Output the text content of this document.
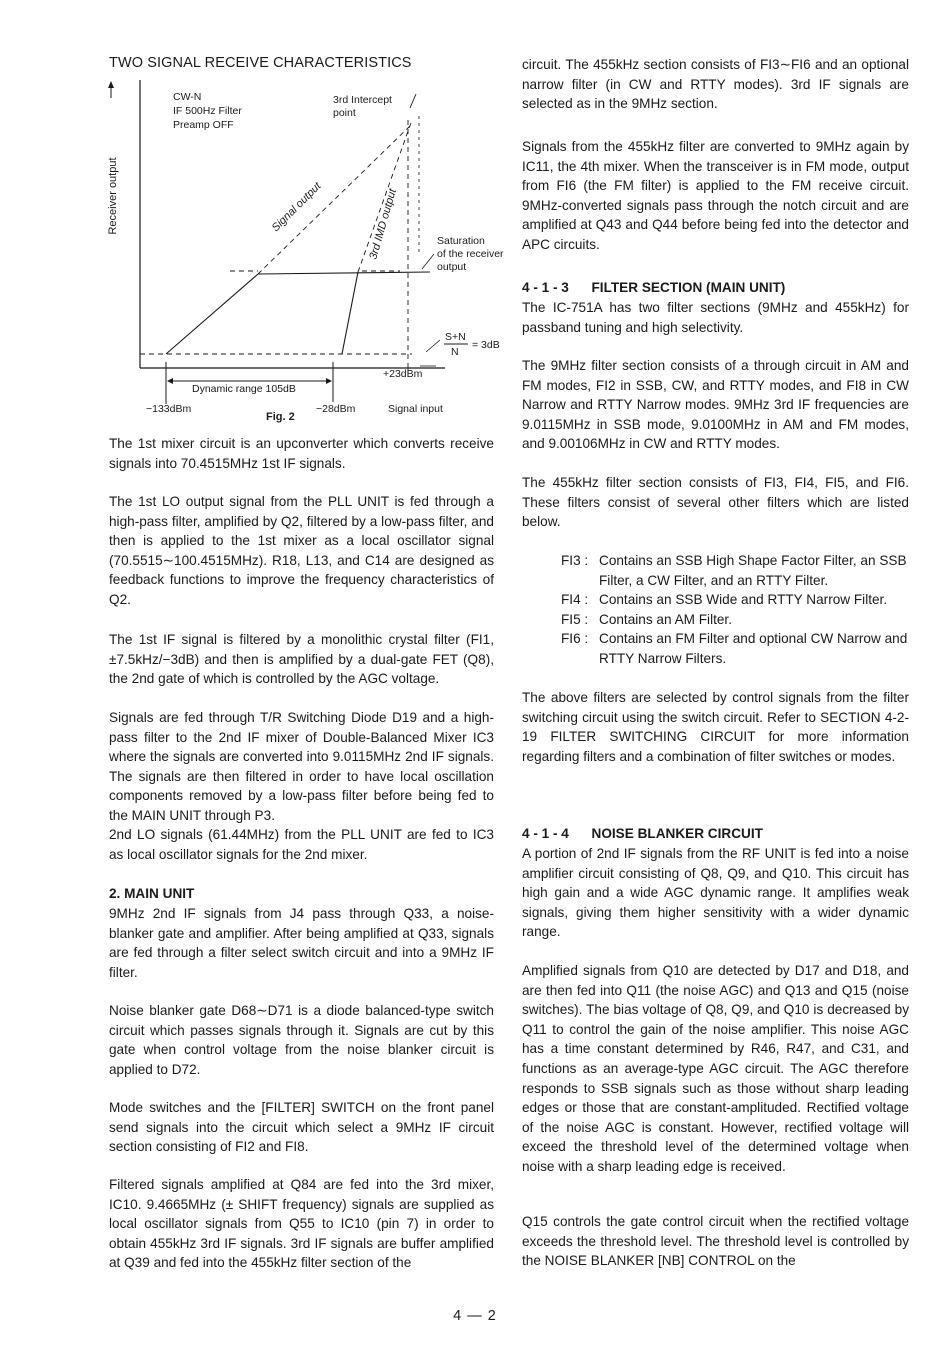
TWO SIGNAL RECEIVE CHARACTERISTICS
Receiver output
CW-N
IF 500Hz Filter
Preamp OFF
3rd Intercept
point
Signal output	3rd IMD output	Saturation
of the receiver
output
S+N
N
= 3dB
+23dBm
Dynamic range 105dB
−133dBm	−28dBm	Signal input
Fig. 2

The 1st mixer circuit is an upconverter which converts receive signals into 70.4515MHz 1st IF signals.

The 1st LO output signal from the PLL UNIT is fed through a high-pass filter, amplified by Q2, filtered by a low-pass filter, and then is applied to the 1st mixer as a local oscillator signal (70.5515∼100.4515MHz). R18, L13, and C14 are designed as feedback functions to improve the frequency characteristics of Q2.

The 1st IF signal is filtered by a monolithic crystal filter (FI1, ±7.5kHz/−3dB) and then is amplified by a dual-gate FET (Q8), the 2nd gate of which is controlled by the AGC voltage.

Signals are fed through T/R Switching Diode D19 and a high-pass filter to the 2nd IF mixer of Double-Balanced Mixer IC3 where the signals are converted into 9.0115MHz 2nd IF signals. The signals are then filtered in order to have local oscillation components removed by a low-pass filter before being fed to the MAIN UNIT through P3.

2nd LO signals (61.44MHz) from the PLL UNIT are fed to IC3 as local oscillator signals for the 2nd mixer.

2. MAIN UNIT

9MHz 2nd IF signals from J4 pass through Q33, a noise-blanker gate and amplifier. After being amplified at Q33, signals are fed through a filter select switch circuit and into a 9MHz IF filter.

Noise blanker gate D68∼D71 is a diode balanced-type switch circuit which passes signals through it. Signals are cut by this gate when control voltage from the noise blanker circuit is applied to D72.

Mode switches and the [FILTER] SWITCH on the front panel send signals into the circuit which select a 9MHz IF circuit section consisting of FI2 and FI8.

Filtered signals amplified at Q84 are fed into the 3rd mixer, IC10. 9.4665MHz (± SHIFT frequency) signals are supplied as local oscillator signals from Q55 to IC10 (pin 7) in order to obtain 455kHz 3rd IF signals. 3rd IF signals are buffer amplified at Q39 and fed into the 455kHz filter section of the

circuit. The 455kHz section consists of FI3∼FI6 and an optional narrow filter (in CW and RTTY modes). 3rd IF signals are selected as in the 9MHz section.

Signals from the 455kHz filter are converted to 9MHz again by IC11, the 4th mixer. When the transceiver is in FM mode, output from FI6 (the FM filter) is applied to the FM receive circuit. 9MHz-converted signals pass through the notch circuit and are amplified at Q43 and Q44 before being fed into the detector and APC circuits.

4 - 1 - 3      FILTER SECTION (MAIN UNIT)

The IC-751A has two filter sections (9MHz and 455kHz) for passband tuning and high selectivity.

The 9MHz filter section consists of a through circuit in AM and FM modes, FI2 in SSB, CW, and RTTY modes, and FI8 in CW Narrow and RTTY Narrow modes. 9MHz 3rd IF frequencies are 9.0115MHz in SSB mode, 9.0100MHz in AM and FM modes, and 9.00106MHz in CW and RTTY modes.

The 455kHz filter section consists of FI3, FI4, FI5, and FI6. These filters consist of several other filters which are listed below.

FI3 : Contains an SSB High Shape Factor Filter, an SSB Filter, a CW Filter, and an RTTY Filter.
FI4 : Contains an SSB Wide and RTTY Narrow Filter.
FI5 : Contains an AM Filter.
FI6 : Contains an FM Filter and optional CW Narrow and RTTY Narrow Filters.

The above filters are selected by control signals from the filter switching circuit using the switch circuit. Refer to SECTION 4-2-19 FILTER SWITCHING CIRCUIT for more information regarding filters and a combination of filter switches or modes.

4 - 1 - 4      NOISE BLANKER CIRCUIT

A portion of 2nd IF signals from the RF UNIT is fed into a noise amplifier circuit consisting of Q8, Q9, and Q10. This circuit has high gain and a wide AGC dynamic range. It amplifies weak signals, giving them higher sensitivity with a wider dynamic range.

Amplified signals from Q10 are detected by D17 and D18, and are then fed into Q11 (the noise AGC) and Q13 and Q15 (noise switches). The bias voltage of Q8, Q9, and Q10 is decreased by Q11 to control the gain of the noise amplifier. This noise AGC has a time constant determined by R46, R47, and C31, and functions as an average-type AGC circuit. The AGC therefore responds to SSB signals such as those without sharp leading edges or those that are constant-amplituded. Rectified voltage of the noise AGC is constant. However, rectified voltage will exceed the threshold level of the determined voltage when noise with a sharp leading edge is received.

Q15 controls the gate control circuit when the rectified voltage exceeds the threshold level. The threshold level is controlled by the NOISE BLANKER [NB] CONTROL on the

4 — 2
